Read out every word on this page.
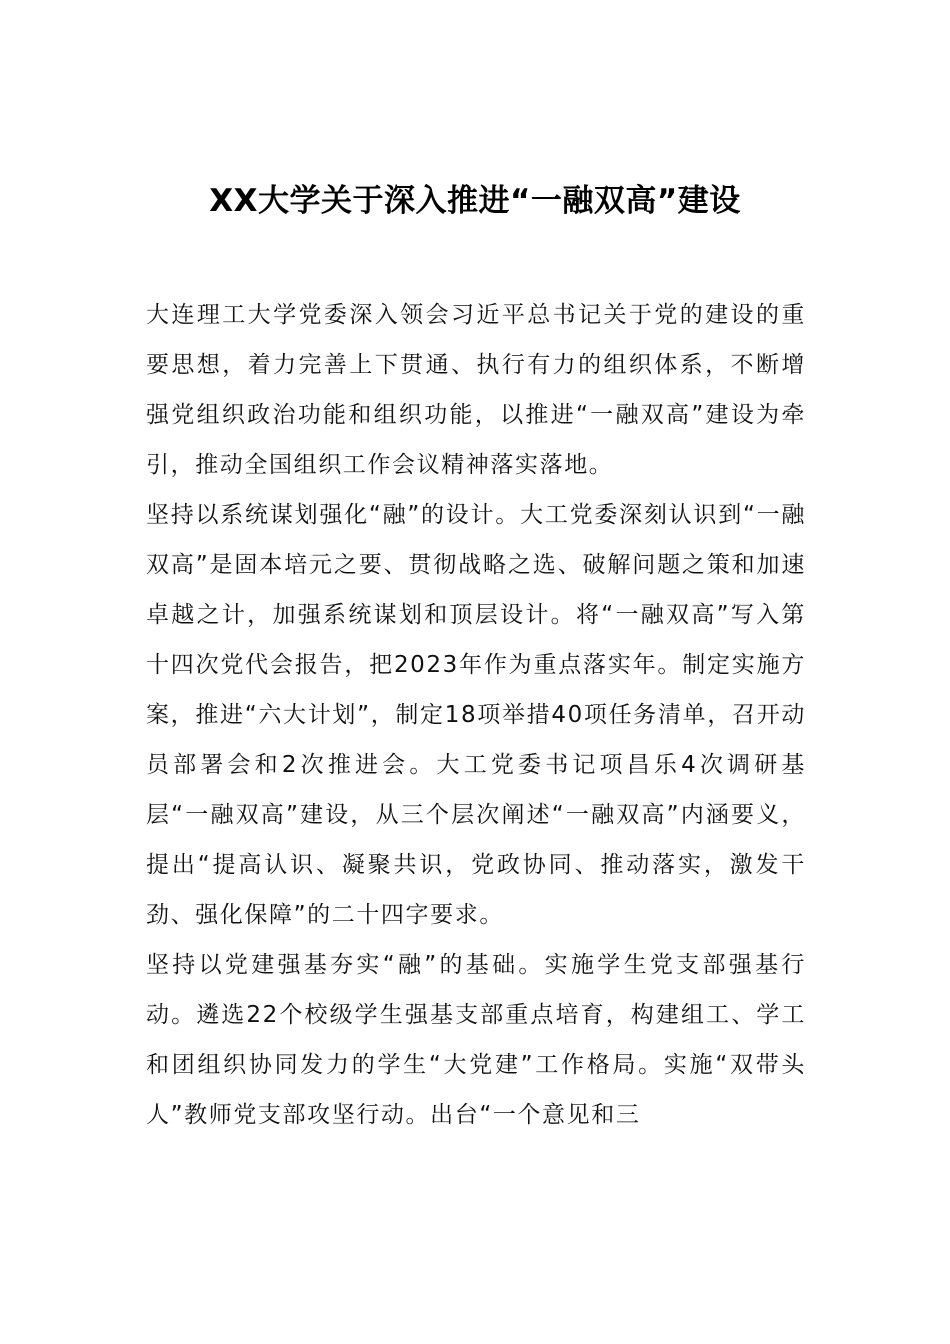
XX大学关于深入推进“一融双高”建设

大连理工大学党委深入领会习近平总书记关于党的建设的重要思想，着力完善上下贯通、执行有力的组织体系，不断增强党组织政治功能和组织功能，以推进“一融双高”建设为牵引，推动全国组织工作会议精神落实落地。

坚持以系统谋划强化“融”的设计。大工党委深刻认识到“一融双高”是固本培元之要、贯彻战略之选、破解问题之策和加速卓越之计，加强系统谋划和顶层设计。将“一融双高”写入第十四次党代会报告，把2023年作为重点落实年。制定实施方案，推进“六大计划”，制定18项举措40项任务清单，召开动员部署会和2次推进会。大工党委书记项昌乐4次调研基层“一融双高”建设，从三个层次阐述“一融双高”内涵要义，提出“提高认识、凝聚共识，党政协同、推动落实，激发干劲、强化保障”的二十四字要求。

坚持以党建强基夯实“融”的基础。实施学生党支部强基行动。遴选22个校级学生强基支部重点培育，构建组工、学工和团组织协同发力的学生“大党建”工作格局。实施“双带头人”教师党支部攻坚行动。出台“一个意见和三
